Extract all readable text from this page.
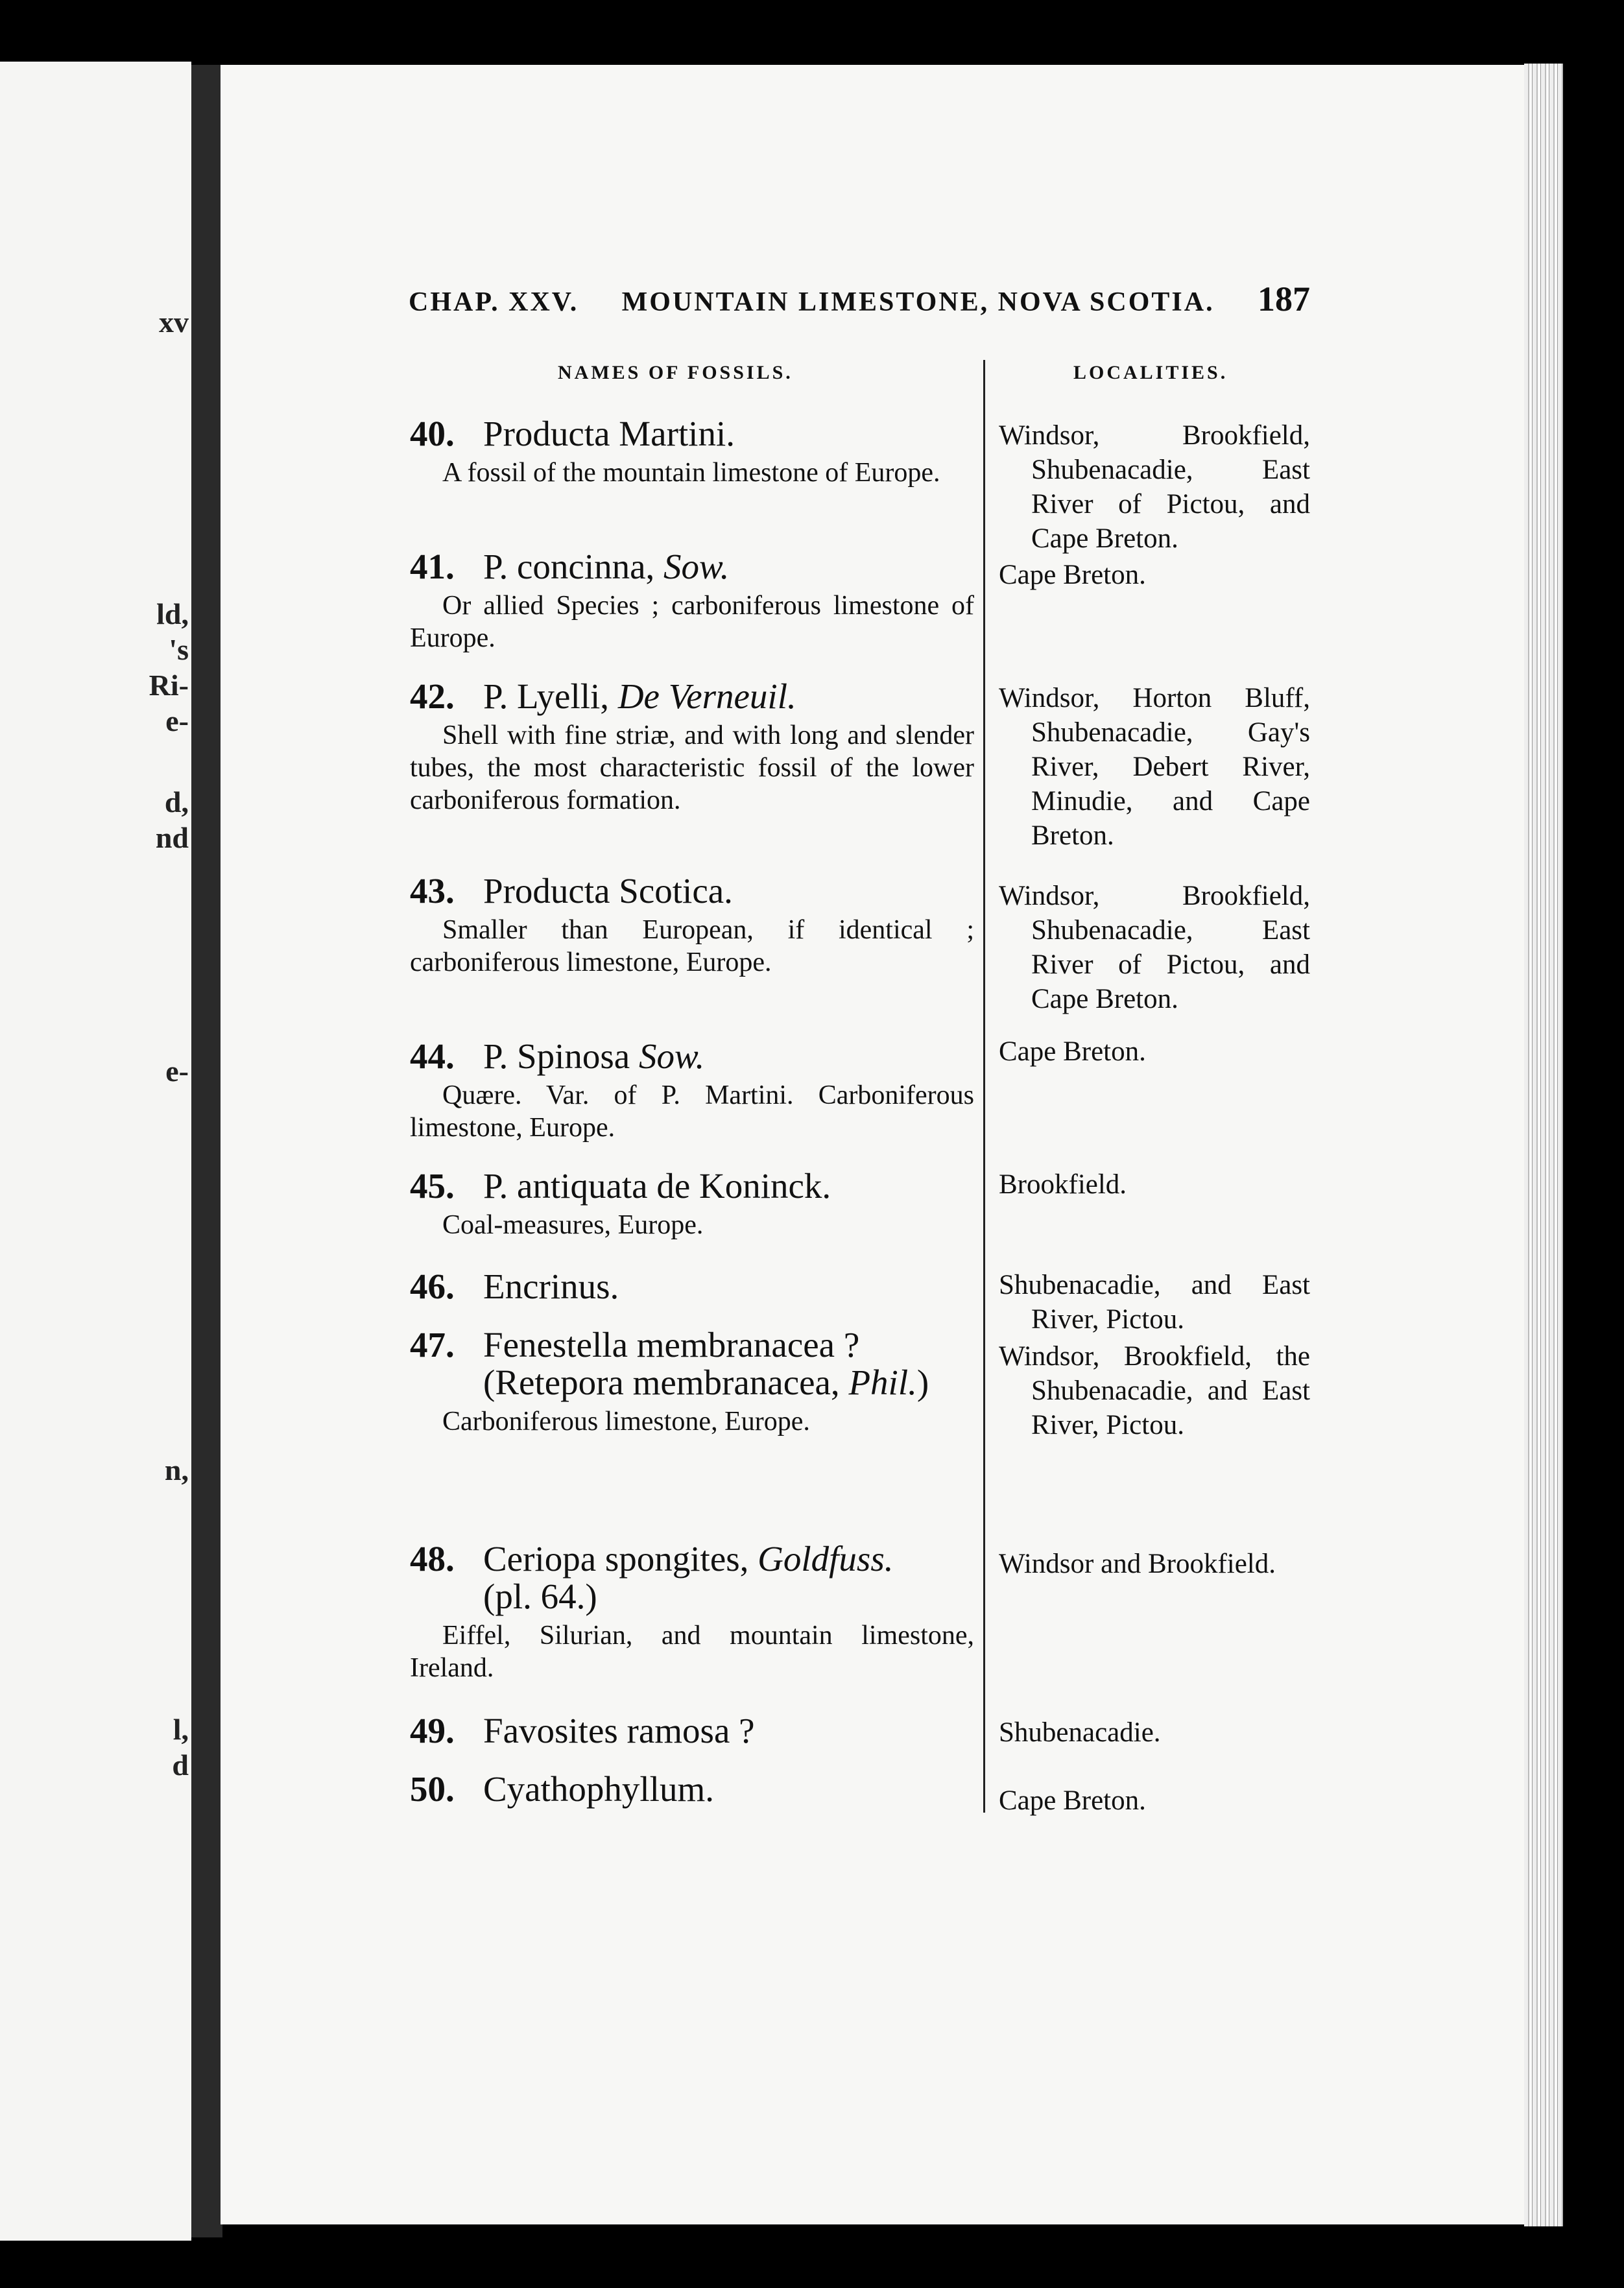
xv
ld,
's
Ri-
e-
d,
nd
e-
n,
l,
d
CHAP. XXV. MOUNTAIN LIMESTONE, NOVA SCOTIA. 187
NAMES OF FOSSILS.	LOCALITIES.
40. Producta Martini.
A fossil of the mountain limestone of Europe.
41. P. concinna, Sow.
Or allied Species ; carboniferous limestone of Europe.
42. P. Lyelli, De Verneuil.
Shell with fine striæ, and with long and slender tubes, the most characteristic fossil of the lower carboniferous formation.
43. Producta Scotica.
Smaller than European, if identical ; carboniferous limestone, Europe.
44. P. Spinosa Sow.
Quære. Var. of P. Martini. Carboniferous limestone, Europe.
45. P. antiquata de Koninck.
Coal-measures, Europe.
46. Encrinus.
47. Fenestella membranacea ?
(Retepora membranacea, Phil.)
Carboniferous limestone, Europe.
48. Ceriopa spongites, Goldfuss.
(pl. 64.)
Eiffel, Silurian, and mountain limestone, Ireland.
49. Favosites ramosa ?
50. Cyathophyllum.
Windsor, Brookfield, Shubenacadie, East River of Pictou, and Cape Breton.
Cape Breton.
Windsor, Horton Bluff, Shubenacadie, Gay's River, Debert River, Minudie, and Cape Breton.
Windsor, Brookfield, Shubenacadie, East River of Pictou, and Cape Breton.
Cape Breton.
Brookfield.
Shubenacadie, and East River, Pictou.
Windsor, Brookfield, the Shubenacadie, and East River, Pictou.
Windsor and Brookfield.
Shubenacadie.
Cape Breton.
